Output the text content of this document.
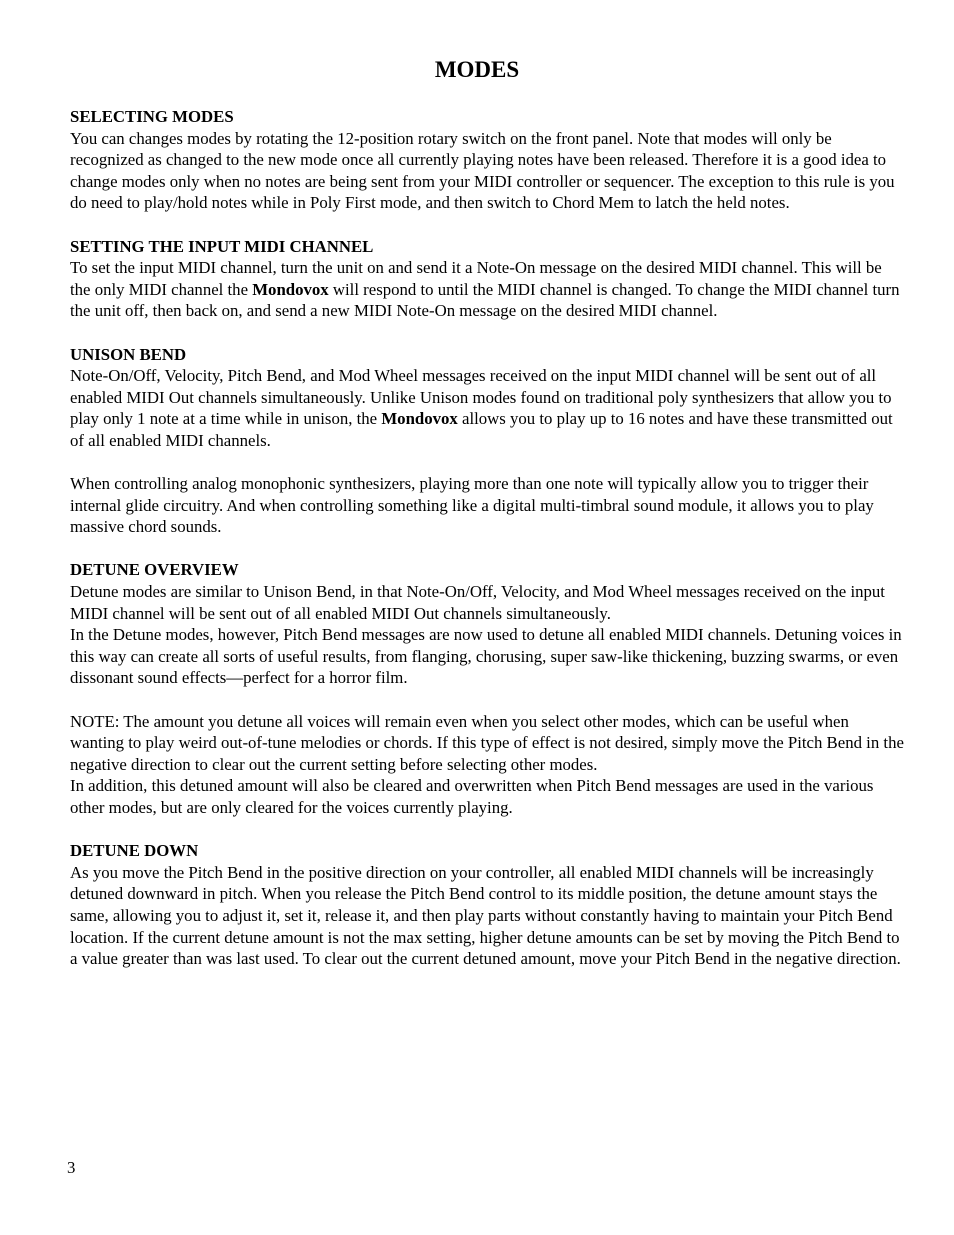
MODES
SELECTING MODES
You can changes modes by rotating the 12-position rotary switch on the front panel. Note that modes will only be recognized as changed to the new mode once all currently playing notes have been released. Therefore it is a good idea to change modes only when no notes are being sent from your MIDI controller or sequencer. The exception to this rule is you do need to play/hold notes while in Poly First mode, and then switch to Chord Mem to latch the held notes.
SETTING THE INPUT MIDI CHANNEL
To set the input MIDI channel, turn the unit on and send it a Note-On message on the desired MIDI channel. This will be the only MIDI channel the Mondovox will respond to until the MIDI channel is changed. To change the MIDI channel turn the unit off, then back on, and send a new MIDI Note-On message on the desired MIDI channel.
UNISON BEND
Note-On/Off, Velocity, Pitch Bend, and Mod Wheel messages received on the input MIDI channel will be sent out of all enabled MIDI Out channels simultaneously. Unlike Unison modes found on traditional poly synthesizers that allow you to play only 1 note at a time while in unison, the Mondovox allows you to play up to 16 notes and have these transmitted out of all enabled MIDI channels.
When controlling analog monophonic synthesizers, playing more than one note will typically allow you to trigger their internal glide circuitry. And when controlling something like a digital multi-timbral sound module, it allows you to play massive chord sounds.
DETUNE OVERVIEW
Detune modes are similar to Unison Bend, in that Note-On/Off, Velocity, and Mod Wheel messages received on the input MIDI channel will be sent out of all enabled MIDI Out channels simultaneously.
In the Detune modes, however, Pitch Bend messages are now used to detune all enabled MIDI channels. Detuning voices in this way can create all sorts of useful results, from flanging, chorusing, super saw-like thickening, buzzing swarms, or even dissonant sound effects—perfect for a horror film.
NOTE: The amount you detune all voices will remain even when you select other modes, which can be useful when wanting to play weird out-of-tune melodies or chords. If this type of effect is not desired, simply move the Pitch Bend in the negative direction to clear out the current setting before selecting other modes.
In addition, this detuned amount will also be cleared and overwritten when Pitch Bend messages are used in the various other modes, but are only cleared for the voices currently playing.
DETUNE DOWN
As you move the Pitch Bend in the positive direction on your controller, all enabled MIDI channels will be increasingly detuned downward in pitch. When you release the Pitch Bend control to its middle position, the detune amount stays the same, allowing you to adjust it, set it, release it, and then play parts without constantly having to maintain your Pitch Bend location. If the current detune amount is not the max setting, higher detune amounts can be set by moving the Pitch Bend to a value greater than was last used. To clear out the current detuned amount, move your Pitch Bend in the negative direction.
3
